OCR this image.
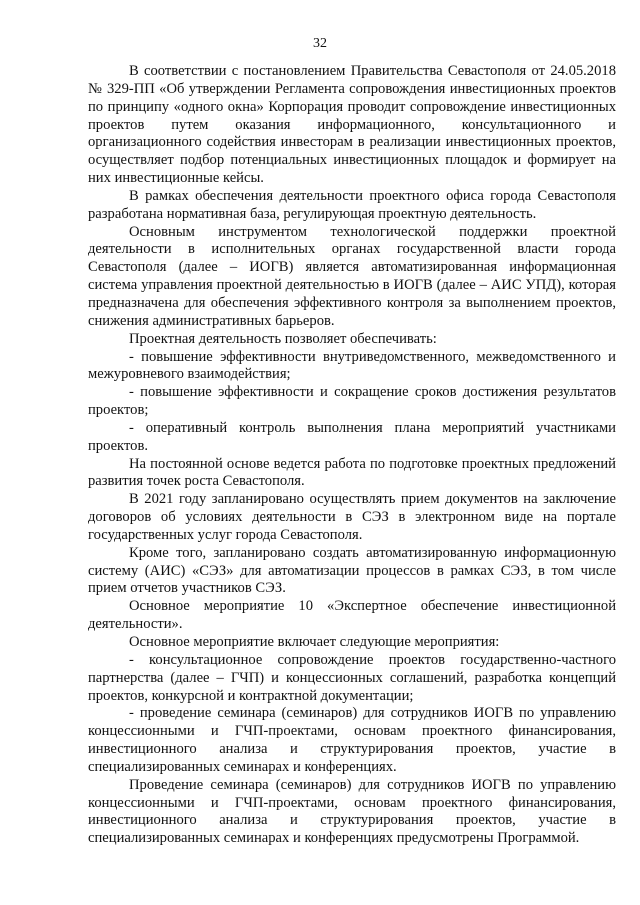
32

В соответствии с постановлением Правительства Севастополя от 24.05.2018 № 329-ПП «Об утверждении Регламента сопровождения инвестиционных проектов по принципу «одного окна» Корпорация проводит сопровождение инвестиционных проектов путем оказания информационного, консультационного и организационного содействия инвесторам в реализации инвестиционных проектов, осуществляет подбор потенциальных инвестиционных площадок и формирует на них инвестиционные кейсы.

В рамках обеспечения деятельности проектного офиса города Севастополя разработана нормативная база, регулирующая проектную деятельность.

Основным инструментом технологической поддержки проектной деятельности в исполнительных органах государственной власти города Севастополя (далее – ИОГВ) является автоматизированная информационная система управления проектной деятельностью в ИОГВ (далее – АИС УПД), которая предназначена для обеспечения эффективного контроля за выполнением проектов, снижения административных барьеров.

Проектная деятельность позволяет обеспечивать:

- повышение эффективности внутриведомственного, межведомственного и межуровневого взаимодействия;

- повышение эффективности и сокращение сроков достижения результатов проектов;

- оперативный контроль выполнения плана мероприятий участниками проектов.

На постоянной основе ведется работа по подготовке проектных предложений развития точек роста Севастополя.

В 2021 году запланировано осуществлять прием документов на заключение договоров об условиях деятельности в СЭЗ в электронном виде на портале государственных услуг города Севастополя.

Кроме того, запланировано создать автоматизированную информационную систему (АИС) «СЭЗ» для автоматизации процессов в рамках СЭЗ, в том числе прием отчетов участников СЭЗ.

Основное мероприятие 10 «Экспертное обеспечение инвестиционной деятельности».

Основное мероприятие включает следующие мероприятия:

- консультационное сопровождение проектов государственно-частного партнерства (далее – ГЧП) и концессионных соглашений, разработка концепций проектов, конкурсной и контрактной документации;

- проведение семинара (семинаров) для сотрудников ИОГВ по управлению концессионными и ГЧП-проектами, основам проектного финансирования, инвестиционного анализа и структурирования проектов, участие в специализированных семинарах и конференциях.

Проведение семинара (семинаров) для сотрудников ИОГВ по управлению концессионными и ГЧП-проектами, основам проектного финансирования, инвестиционного анализа и структурирования проектов, участие в специализированных семинарах и конференциях предусмотрены Программой.
